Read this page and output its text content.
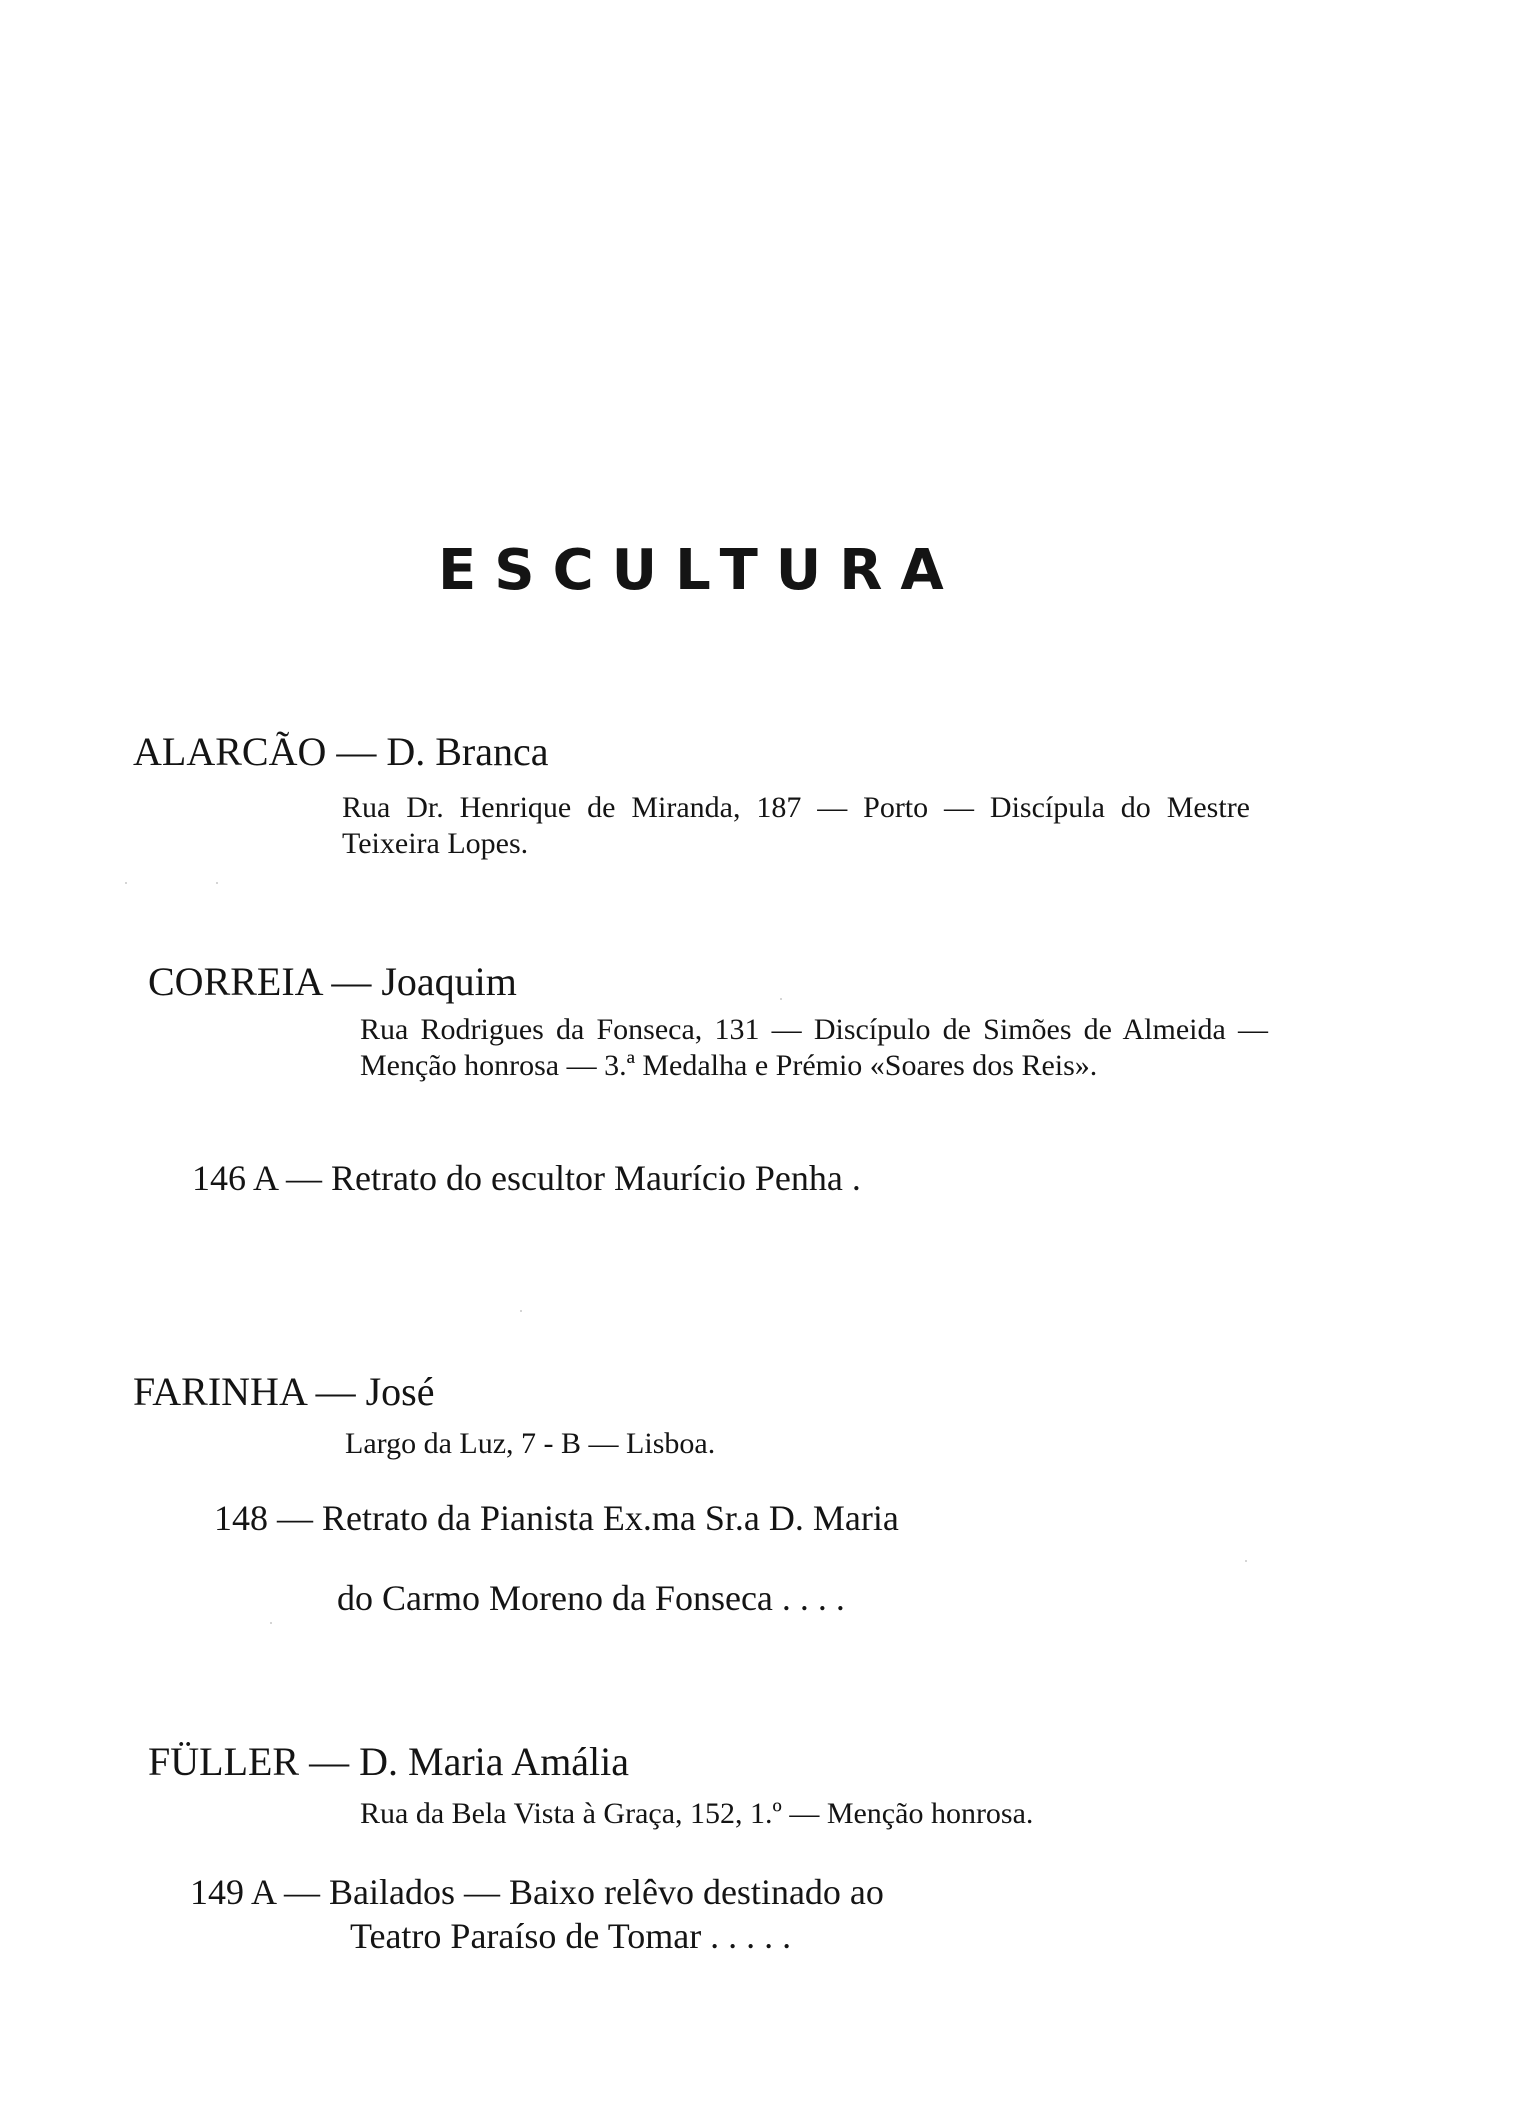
ESCULTURA
ALARCÃO — D. Branca
Rua Dr. Henrique de Miranda, 187 — Porto — Discípula do Mestre Teixeira Lopes.
CORREIA — Joaquim
Rua Rodrigues da Fonseca, 131 — Discípulo de Simões de Almeida — Menção honrosa — 3.ª Medalha e Prémio «Soares dos Reis».
146 A — Retrato do escultor Maurício Penha .
FARINHA — José
Largo da Luz, 7 - B — Lisboa.
148 — Retrato da Pianista Ex.ma Sr.a D. Maria
do Carmo Moreno da Fonseca . . . .
FÜLLER — D. Maria Amália
Rua da Bela Vista à Graça, 152, 1.º — Menção honrosa.
149 A — Bailados — Baixo relêvo destinado ao
Teatro Paraíso de Tomar . . . . .
